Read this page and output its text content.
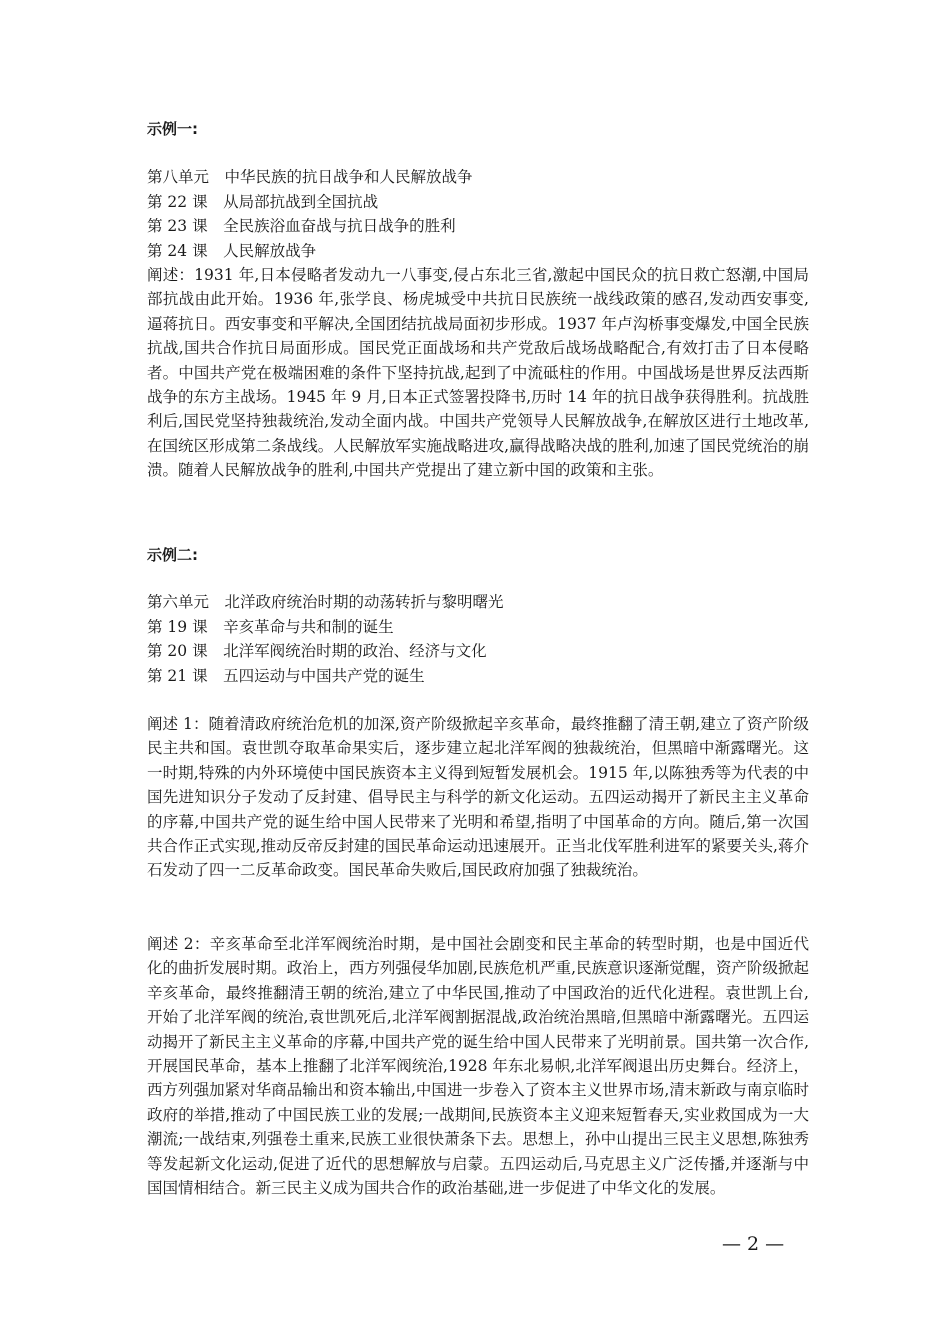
示例一:
第八单元　中华民族的抗日战争和人民解放战争
第 22 课　从局部抗战到全国抗战
第 23 课　全民族浴血奋战与抗日战争的胜利
第 24 课　人民解放战争
阐述：1931 年,日本侵略者发动九一八事变,侵占东北三省,激起中国民众的抗日救亡怒潮,中国局部抗战由此开始。1936 年,张学良、杨虎城受中共抗日民族统一战线政策的感召,发动西安事变,逼蒋抗日。西安事变和平解决,全国团结抗战局面初步形成。1937 年卢沟桥事变爆发,中国全民族抗战,国共合作抗日局面形成。国民党正面战场和共产党敌后战场战略配合,有效打击了日本侵略者。中国共产党在极端困难的条件下坚持抗战,起到了中流砥柱的作用。中国战场是世界反法西斯战争的东方主战场。1945 年 9 月,日本正式签署投降书,历时 14 年的抗日战争获得胜利。抗战胜利后,国民党坚持独裁统治,发动全面内战。中国共产党领导人民解放战争,在解放区进行土地改革,在国统区形成第二条战线。人民解放军实施战略进攻,赢得战略决战的胜利,加速了国民党统治的崩溃。随着人民解放战争的胜利,中国共产党提出了建立新中国的政策和主张。
示例二:
第六单元　北洋政府统治时期的动荡转折与黎明曙光
第 19 课　辛亥革命与共和制的诞生
第 20 课　北洋军阀统治时期的政治、经济与文化
第 21 课　五四运动与中国共产党的诞生
阐述 1：随着清政府统治危机的加深,资产阶级掀起辛亥革命，最终推翻了清王朝,建立了资产阶级民主共和国。袁世凯夺取革命果实后，逐步建立起北洋军阀的独裁统治，但黑暗中渐露曙光。这一时期,特殊的内外环境使中国民族资本主义得到短暂发展机会。1915 年,以陈独秀等为代表的中国先进知识分子发动了反封建、倡导民主与科学的新文化运动。五四运动揭开了新民主主义革命的序幕,中国共产党的诞生给中国人民带来了光明和希望,指明了中国革命的方向。随后,第一次国共合作正式实现,推动反帝反封建的国民革命运动迅速展开。正当北伐军胜利进军的紧要关头,蒋介石发动了四一二反革命政变。国民革命失败后,国民政府加强了独裁统治。
阐述 2：辛亥革命至北洋军阀统治时期，是中国社会剧变和民主革命的转型时期，也是中国近代化的曲折发展时期。政治上，西方列强侵华加剧,民族危机严重,民族意识逐渐觉醒，资产阶级掀起辛亥革命，最终推翻清王朝的统治,建立了中华民国,推动了中国政治的近代化进程。袁世凯上台,开始了北洋军阀的统治,袁世凯死后,北洋军阀割据混战,政治统治黑暗,但黑暗中渐露曙光。五四运动揭开了新民主主义革命的序幕,中国共产党的诞生给中国人民带来了光明前景。国共第一次合作,开展国民革命，基本上推翻了北洋军阀统治,1928 年东北易帜,北洋军阀退出历史舞台。经济上，西方列强加紧对华商品输出和资本输出,中国进一步卷入了资本主义世界市场,清末新政与南京临时政府的举措,推动了中国民族工业的发展;一战期间,民族资本主义迎来短暂春天,实业救国成为一大潮流;一战结束,列强卷土重来,民族工业很快萧条下去。思想上，孙中山提出三民主义思想,陈独秀等发起新文化运动,促进了近代的思想解放与启蒙。五四运动后,马克思主义广泛传播,并逐渐与中国国情相结合。新三民主义成为国共合作的政治基础,进一步促进了中华文化的发展。
— 2 —
